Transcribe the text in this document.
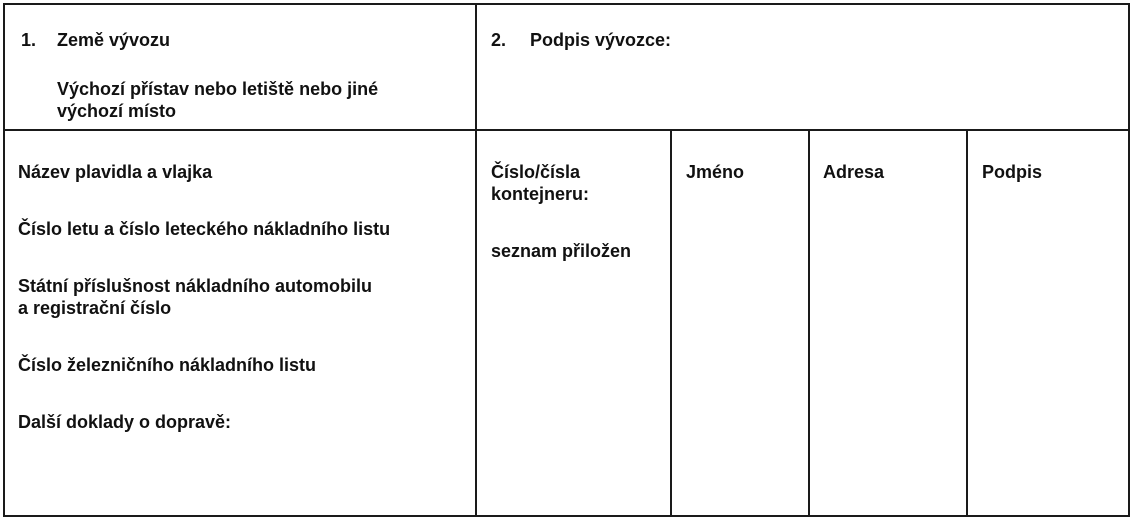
1. Země vývozu
Výchozí přístav nebo letiště nebo jiné
výchozí místo
2. Podpis vývozce:
Název plavidla a vlajka
Číslo letu a číslo leteckého nákladního listu
Státní příslušnost nákladního automobilu
a registrační číslo
Číslo železničního nákladního listu
Další doklady o dopravě:
Číslo/čísla
kontejneru:
seznam přiložen
Jméno	Adresa	Podpis
